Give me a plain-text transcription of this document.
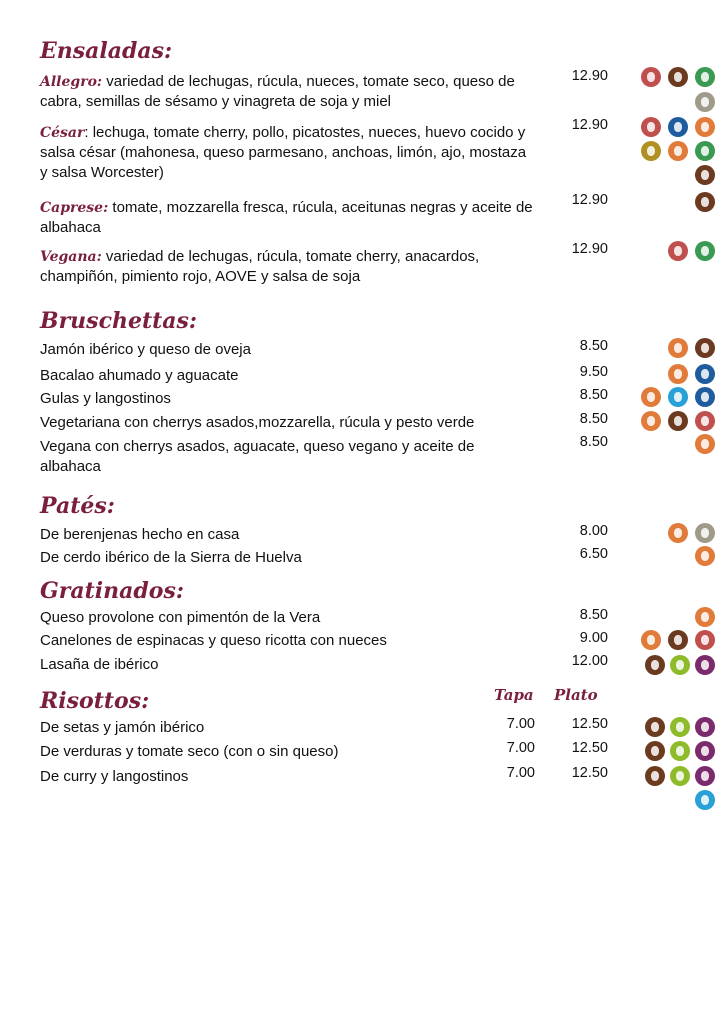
Ensaladas:
Allegro: variedad de lechugas, rúcula, nueces, tomate seco, queso de cabra, semillas de sésamo y vinagreta de soja y miel
12.90
César: lechuga, tomate cherry, pollo, picatostes, nueces, huevo cocido y salsa césar (mahonesa, queso parmesano, anchoas, limón, ajo, mostaza y salsa Worcester)
12.90
Caprese: tomate, mozzarella fresca, rúcula, aceitunas negras y aceite de albahaca
12.90
Vegana: variedad de lechugas, rúcula, tomate cherry, anacardos, champiñón, pimiento rojo, AOVE y salsa de soja
12.90
Bruschettas:
Jamón ibérico y queso de oveja	8.50
Bacalao ahumado y aguacate	9.50
Gulas y langostinos	8.50
Vegetariana con cherrys asados,mozzarella, rúcula y pesto verde	8.50
Vegana con cherrys asados, aguacate, queso vegano y aceite de albahaca
8.50
Patés:
De berenjenas hecho en casa	8.00
De cerdo ibérico de la Sierra de Huelva	6.50
Gratinados:
Queso provolone con pimentón de la Vera	8.50
Canelones de espinacas y queso ricotta con nueces	9.00
Lasaña de ibérico	12.00
Risottos:	Tapa Plato
De setas y jamón ibérico	7.00	12.50
De verduras y tomate seco (con o sin queso)	7.00	12.50
De curry y langostinos	7.00	12.50
